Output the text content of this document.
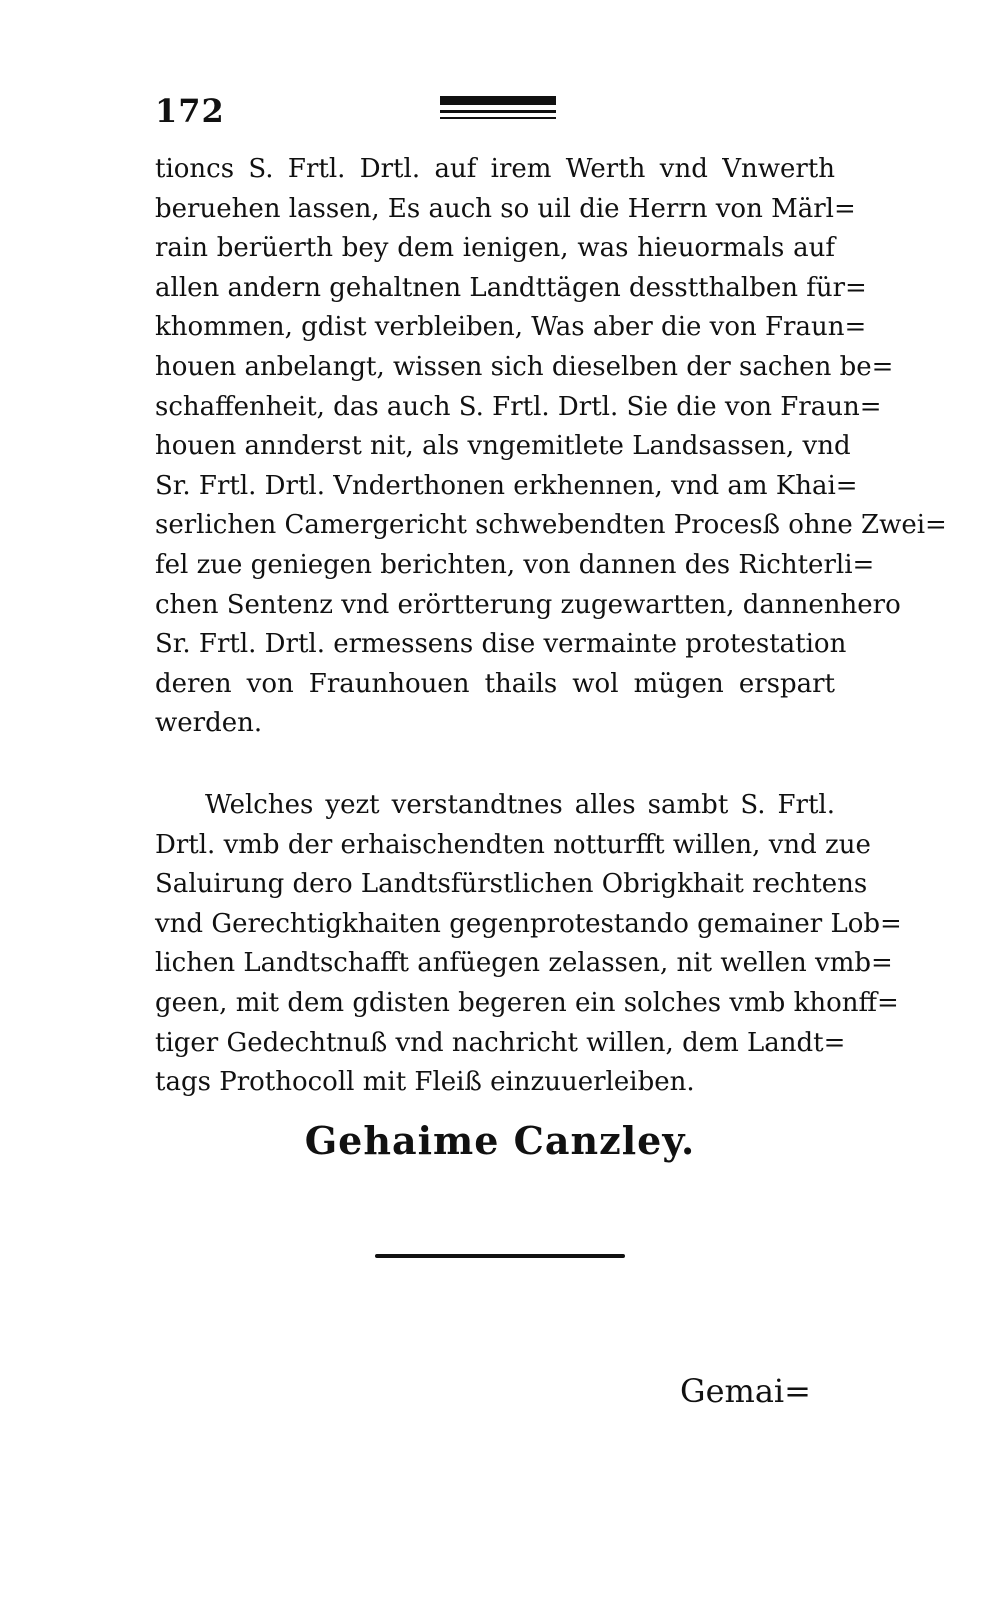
172
tioncs S. Frtl. Drtl. auf irem Werth vnd Vnwerth
beruehen lassen, Es auch so uil die Herrn von Märl=
rain berüerth bey dem ienigen, was hieuormals auf
allen andern gehaltnen Landttägen desstthalben für=
khommen, gdist verbleiben, Was aber die von Fraun=
houen anbelangt, wissen sich dieselben der sachen be=
schaffenheit, das auch S. Frtl. Drtl. Sie die von Fraun=
houen annderst nit, als vngemitlete Landsassen, vnd
Sr. Frtl. Drtl. Vnderthonen erkhennen, vnd am Khai=
serlichen Camergericht schwebendten Procesß ohne Zwei=
fel zue geniegen berichten, von dannen des Richterli=
chen Sentenz vnd erörtterung zugewartten, dannenhero
Sr. Frtl. Drtl. ermessens dise vermainte protestation
deren von Fraunhouen thails wol mügen erspart
werden.
Welches yezt verstandtnes alles sambt S. Frtl.
Drtl. vmb der erhaischendten notturfft willen, vnd zue
Saluirung dero Landtsfürstlichen Obrigkhait rechtens
vnd Gerechtigkhaiten gegenprotestando gemainer Lob=
lichen Landtschafft anfüegen zelassen, nit wellen vmb=
geen, mit dem gdisten begeren ein solches vmb khonff=
tiger Gedechtnuß vnd nachricht willen, dem Landt=
tags Prothocoll mit Fleiß einzuuerleiben.
Gehaime Canzley.
Gemai=
